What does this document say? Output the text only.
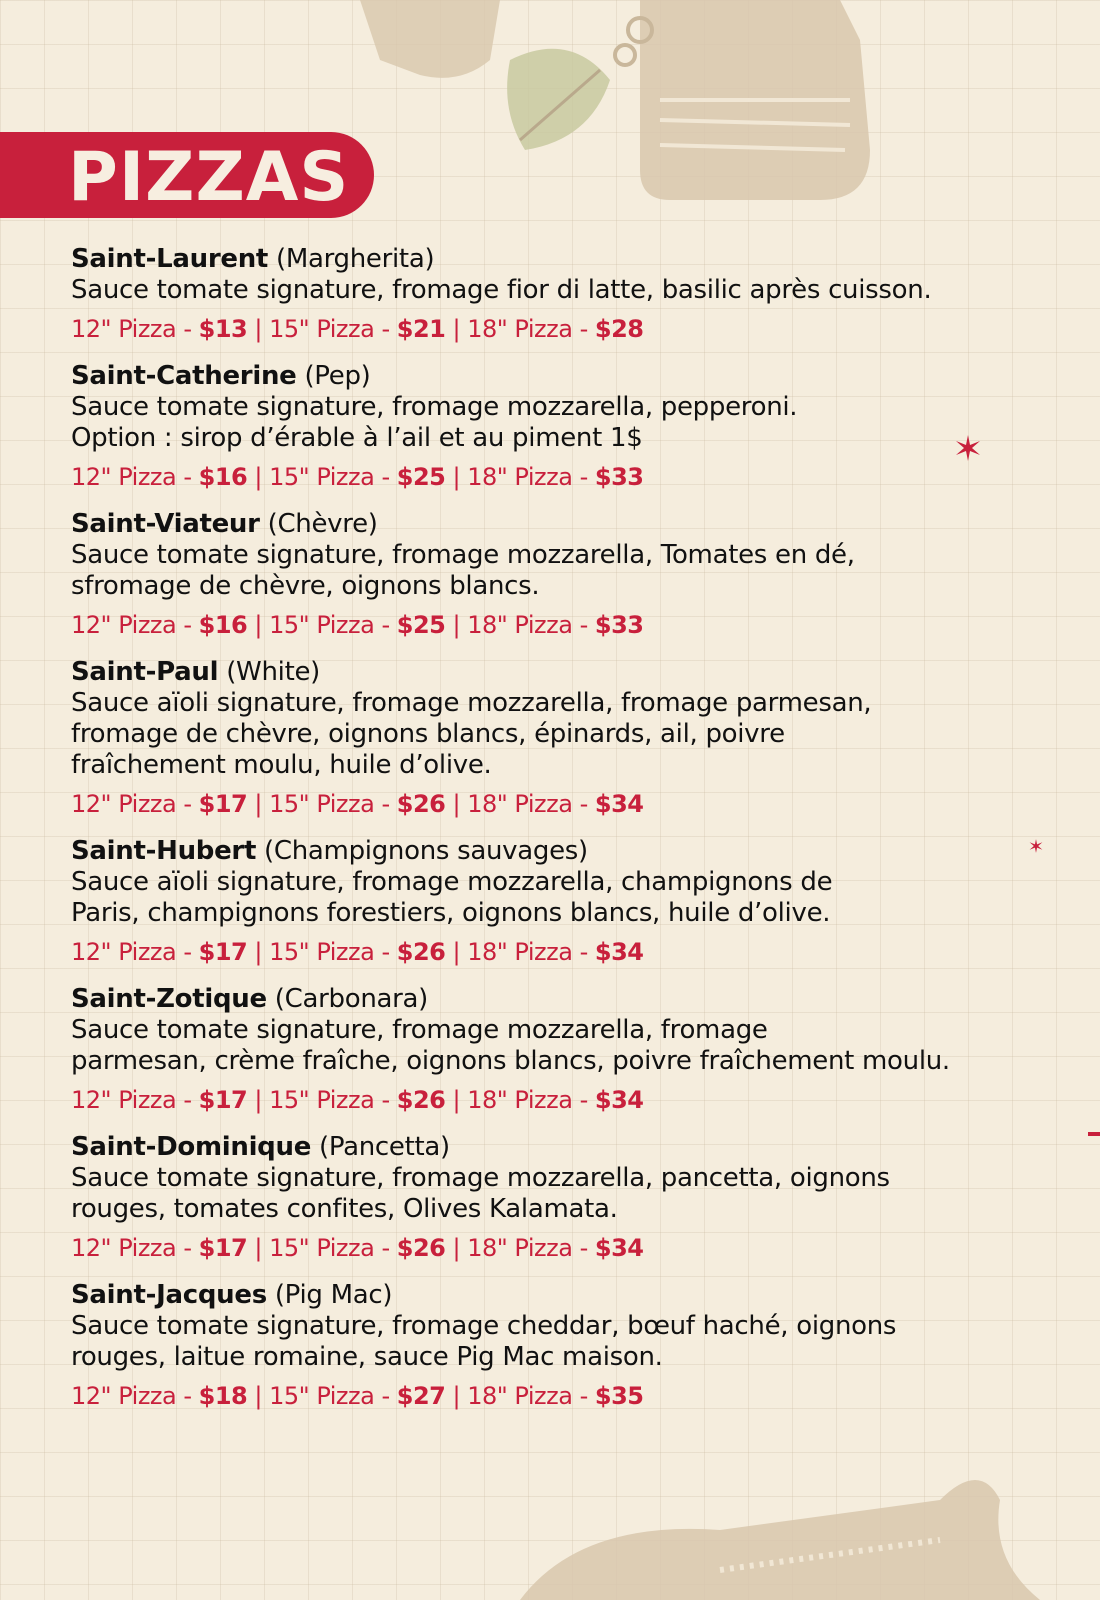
PIZZAS
Saint-Laurent (Margherita)
Sauce tomate signature, fromage fior di latte, basilic après cuisson.
12" Pizza - $13 | 15" Pizza - $21 | 18" Pizza - $28
Saint-Catherine (Pep)
Sauce tomate signature, fromage mozzarella, pepperoni.
Option : sirop d’érable à l’ail et au piment 1$
12" Pizza - $16 | 15" Pizza - $25 | 18" Pizza - $33
Saint-Viateur (Chèvre)
Sauce tomate signature, fromage mozzarella, Tomates en dé,
sfromage de chèvre, oignons blancs.
12" Pizza - $16 | 15" Pizza - $25 | 18" Pizza - $33
Saint-Paul (White)
Sauce aïoli signature, fromage mozzarella, fromage parmesan,
fromage de chèvre, oignons blancs, épinards, ail, poivre
fraîchement moulu, huile d’olive.
12" Pizza - $17 | 15" Pizza - $26 | 18" Pizza - $34
Saint-Hubert (Champignons sauvages)
Sauce aïoli signature, fromage mozzarella, champignons de
Paris, champignons forestiers, oignons blancs, huile d’olive.
12" Pizza - $17 | 15" Pizza - $26 | 18" Pizza - $34
Saint-Zotique (Carbonara)
Sauce tomate signature, fromage mozzarella, fromage
parmesan, crème fraîche, oignons blancs, poivre fraîchement moulu.
12" Pizza - $17 | 15" Pizza - $26 | 18" Pizza - $34
Saint-Dominique (Pancetta)
Sauce tomate signature, fromage mozzarella, pancetta, oignons
rouges, tomates confites, Olives Kalamata.
12" Pizza - $17 | 15" Pizza - $26 | 18" Pizza - $34
Saint-Jacques (Pig Mac)
Sauce tomate signature, fromage cheddar, bœuf haché, oignons
rouges, laitue romaine, sauce Pig Mac maison.
12" Pizza - $18 | 15" Pizza - $27 | 18" Pizza - $35
